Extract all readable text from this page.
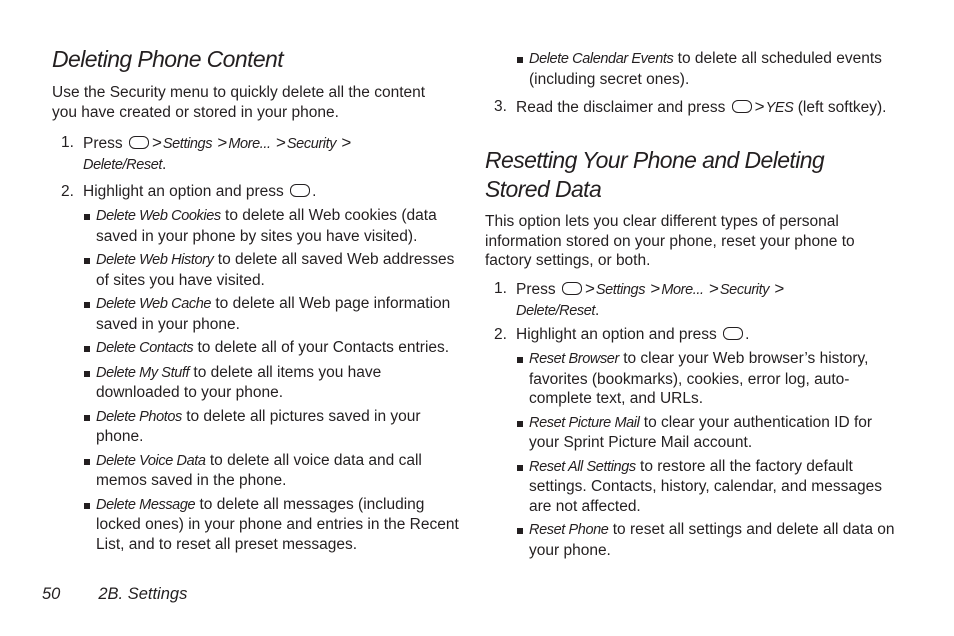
Deleting Phone Content

Use the Security menu to quickly delete all the content you have created or stored in your phone.

1. Press >Settings >More... >Security >
Delete/Reset.
2. Highlight an option and press .
Delete Web Cookies to delete all Web cookies (data saved in your phone by sites you have visited).
Delete Web History to delete all saved Web addresses of sites you have visited.
Delete Web Cache to delete all Web page information saved in your phone.
Delete Contacts to delete all of your Contacts entries.
Delete My Stuff to delete all items you have downloaded to your phone.
Delete Photos to delete all pictures saved in your phone.
Delete Voice Data to delete all voice data and call memos saved in the phone.
Delete Message to delete all messages (including locked ones) in your phone and entries in the Recent List, and to reset all preset messages.
Delete Calendar Events to delete all scheduled events (including secret ones).
3. Read the disclaimer and press >YES (left softkey).
Resetting Your Phone and Deleting Stored Data

This option lets you clear different types of personal information stored on your phone, reset your phone to factory settings, or both.

1. Press >Settings >More... >Security >
Delete/Reset.
2. Highlight an option and press .
Reset Browser to clear your Web browser’s history, favorites (bookmarks), cookies, error log, auto-complete text, and URLs.
Reset Picture Mail to clear your authentication ID for your Sprint Picture Mail account.
Reset All Settings to restore all the factory default settings. Contacts, history, calendar, and messages are not affected.
Reset Phone to reset all settings and delete all data on your phone.
50 2B. Settings
